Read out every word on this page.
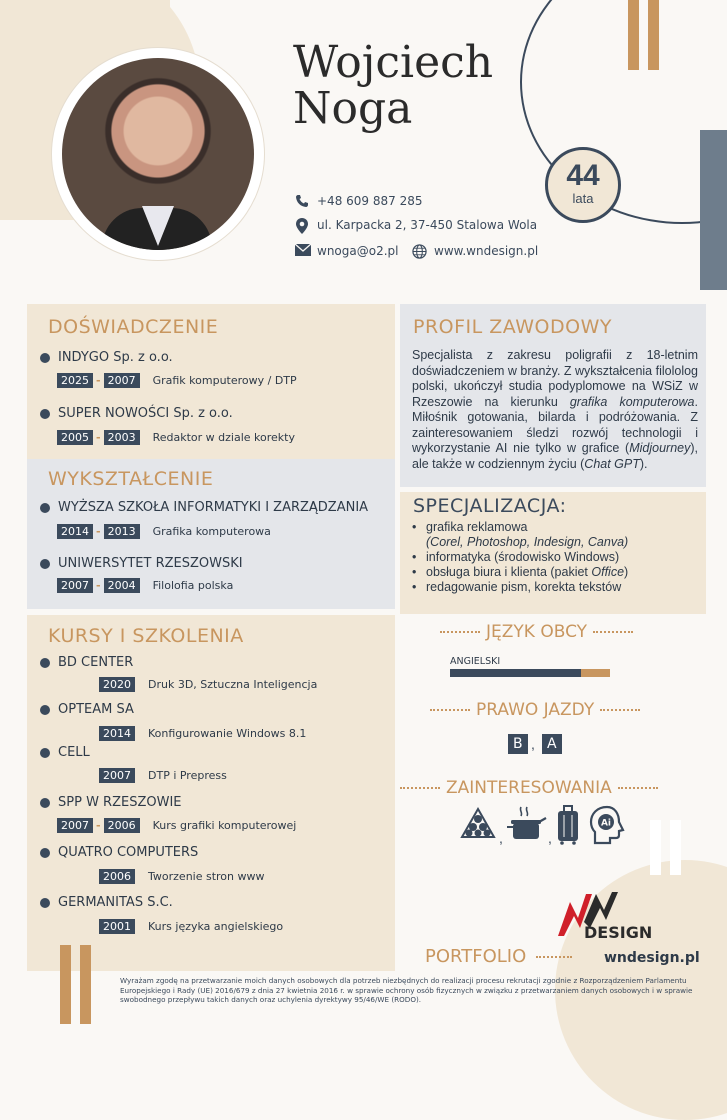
Wojciech
Noga
44
lata
+48 609 887 285
ul. Karpacka 2, 37-450 Stalowa Wola
wnoga@o2.pl	www.wndesign.pl
DOŚWIADCZENIE
INDYGO Sp. z o.o.
2025 - 2007	Grafik komputerowy / DTP
SUPER NOWOŚCI Sp. z o.o.
2005 - 2003	Redaktor w dziale korekty
WYKSZTAŁCENIE
WYŻSZA SZKOŁA INFORMATYKI I ZARZĄDZANIA
2014 - 2013	Grafika komputerowa
UNIWERSYTET RZESZOWSKI
2007 - 2004	Filolofia polska
KURSY I SZKOLENIA
BD CENTER
2020	Druk 3D, Sztuczna Inteligencja
OPTEAM SA
2014	Konfigurowanie Windows 8.1
CELL
2007	DTP i Prepress
SPP W RZESZOWIE
2007 - 2006	Kurs grafiki komputerowej
QUATRO COMPUTERS
2006	Tworzenie stron www
GERMANITAS S.C.
2001	Kurs języka angielskiego
PROFIL ZAWODOWY
Specjalista z zakresu poligrafii z 18-letnim doświadczeniem w branży. Z wykształcenia filololog polski, ukończył studia podyplomowe na WSiZ w Rzeszowie na kierunku grafika komputerowa. Miłośnik gotowania, bilarda i podróżowania. Z zainteresowaniem śledzi rozwój technologii i wykorzystanie AI nie tylko w grafice (Midjourney), ale także w codziennym życiu (Chat GPT).
SPECJALIZACJA:
• grafika reklamowa
(Corel, Photoshop, Indesign, Canva)
• informatyka (środowisko Windows)
• obsługa biura i klienta (pakiet Office)
• redagowanie pism, korekta tekstów
JĘZYK OBCY
ANGIELSKI
PRAWO JAZDY
B , A
ZAINTERESOWANIA
,	,
Ai
DESIGN
PORTFOLIO	wndesign.pl
Wyrażam zgodę na przetwarzanie moich danych osobowych dla potrzeb niezbędnych do realizacji procesu rekrutacji zgodnie z Rozporządzeniem Parlamentu Europejskiego i Rady (UE) 2016/679 z dnia 27 kwietnia 2016 r. w sprawie ochrony osób fizycznych w związku z przetwarzaniem danych osobowych i w sprawie swobodnego przepływu takich danych oraz uchylenia dyrektywy 95/46/WE (RODO).
